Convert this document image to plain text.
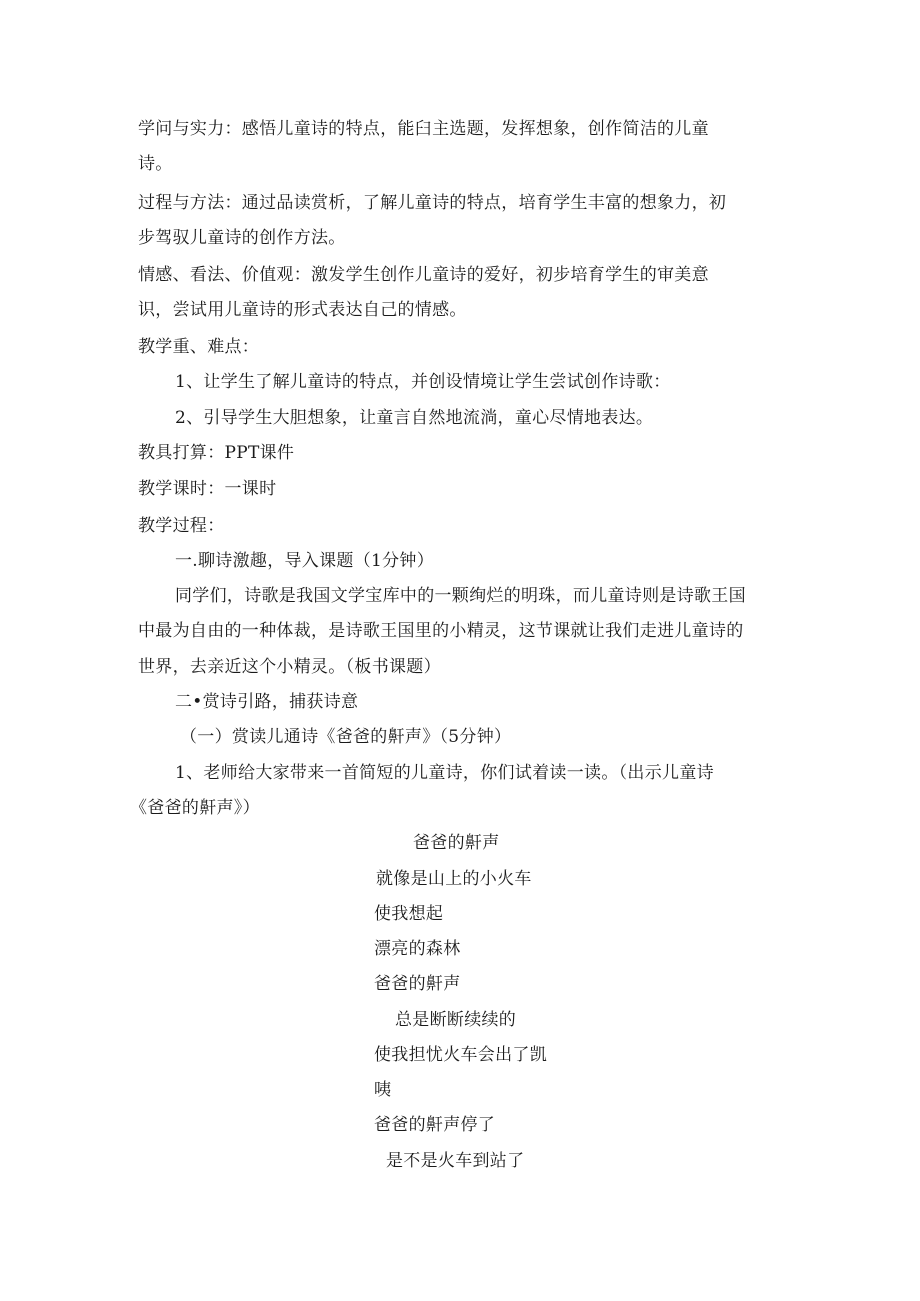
学问与实力：感悟儿童诗的特点，能臼主选题，发挥想象，创作简洁的儿童
诗。
过程与方法：通过品读赏析，了解儿童诗的特点，培育学生丰富的想象力，初
步驾驭儿童诗的创作方法。
情感、看法、价值观：激发学生创作儿童诗的爱好，初步培育学生的审美意
识，尝试用儿童诗的形式表达自己的情感。
教学重、难点：
1、让学生了解儿童诗的特点，并创设情境让学生尝试创作诗歌：
2、引导学生大胆想象，让童言自然地流淌，童心尽情地表达。
教具打算：PPT课件
教学课时：一课时
教学过程：
一.聊诗激趣，导入课题（1分钟）
同学们，诗歌是我国文学宝库中的一颗绚烂的明珠，而儿童诗则是诗歌王国
中最为自由的一种体裁，是诗歌王国里的小精灵，这节课就让我们走进儿童诗的
世界，去亲近这个小精灵。（板书课题）
二•赏诗引路，捕获诗意
（一）赏读儿通诗《爸爸的鼾声》（5分钟）
1、老师给大家带来一首简短的儿童诗，你们试着读一读。（出示儿童诗
《爸爸的鼾声》）
爸爸的鼾声
就像是山上的小火车
使我想起
漂亮的森林
爸爸的鼾声
总是断断续续的
使我担忧火车会出了凯
咦
爸爸的鼾声停了
是不是火车到站了
